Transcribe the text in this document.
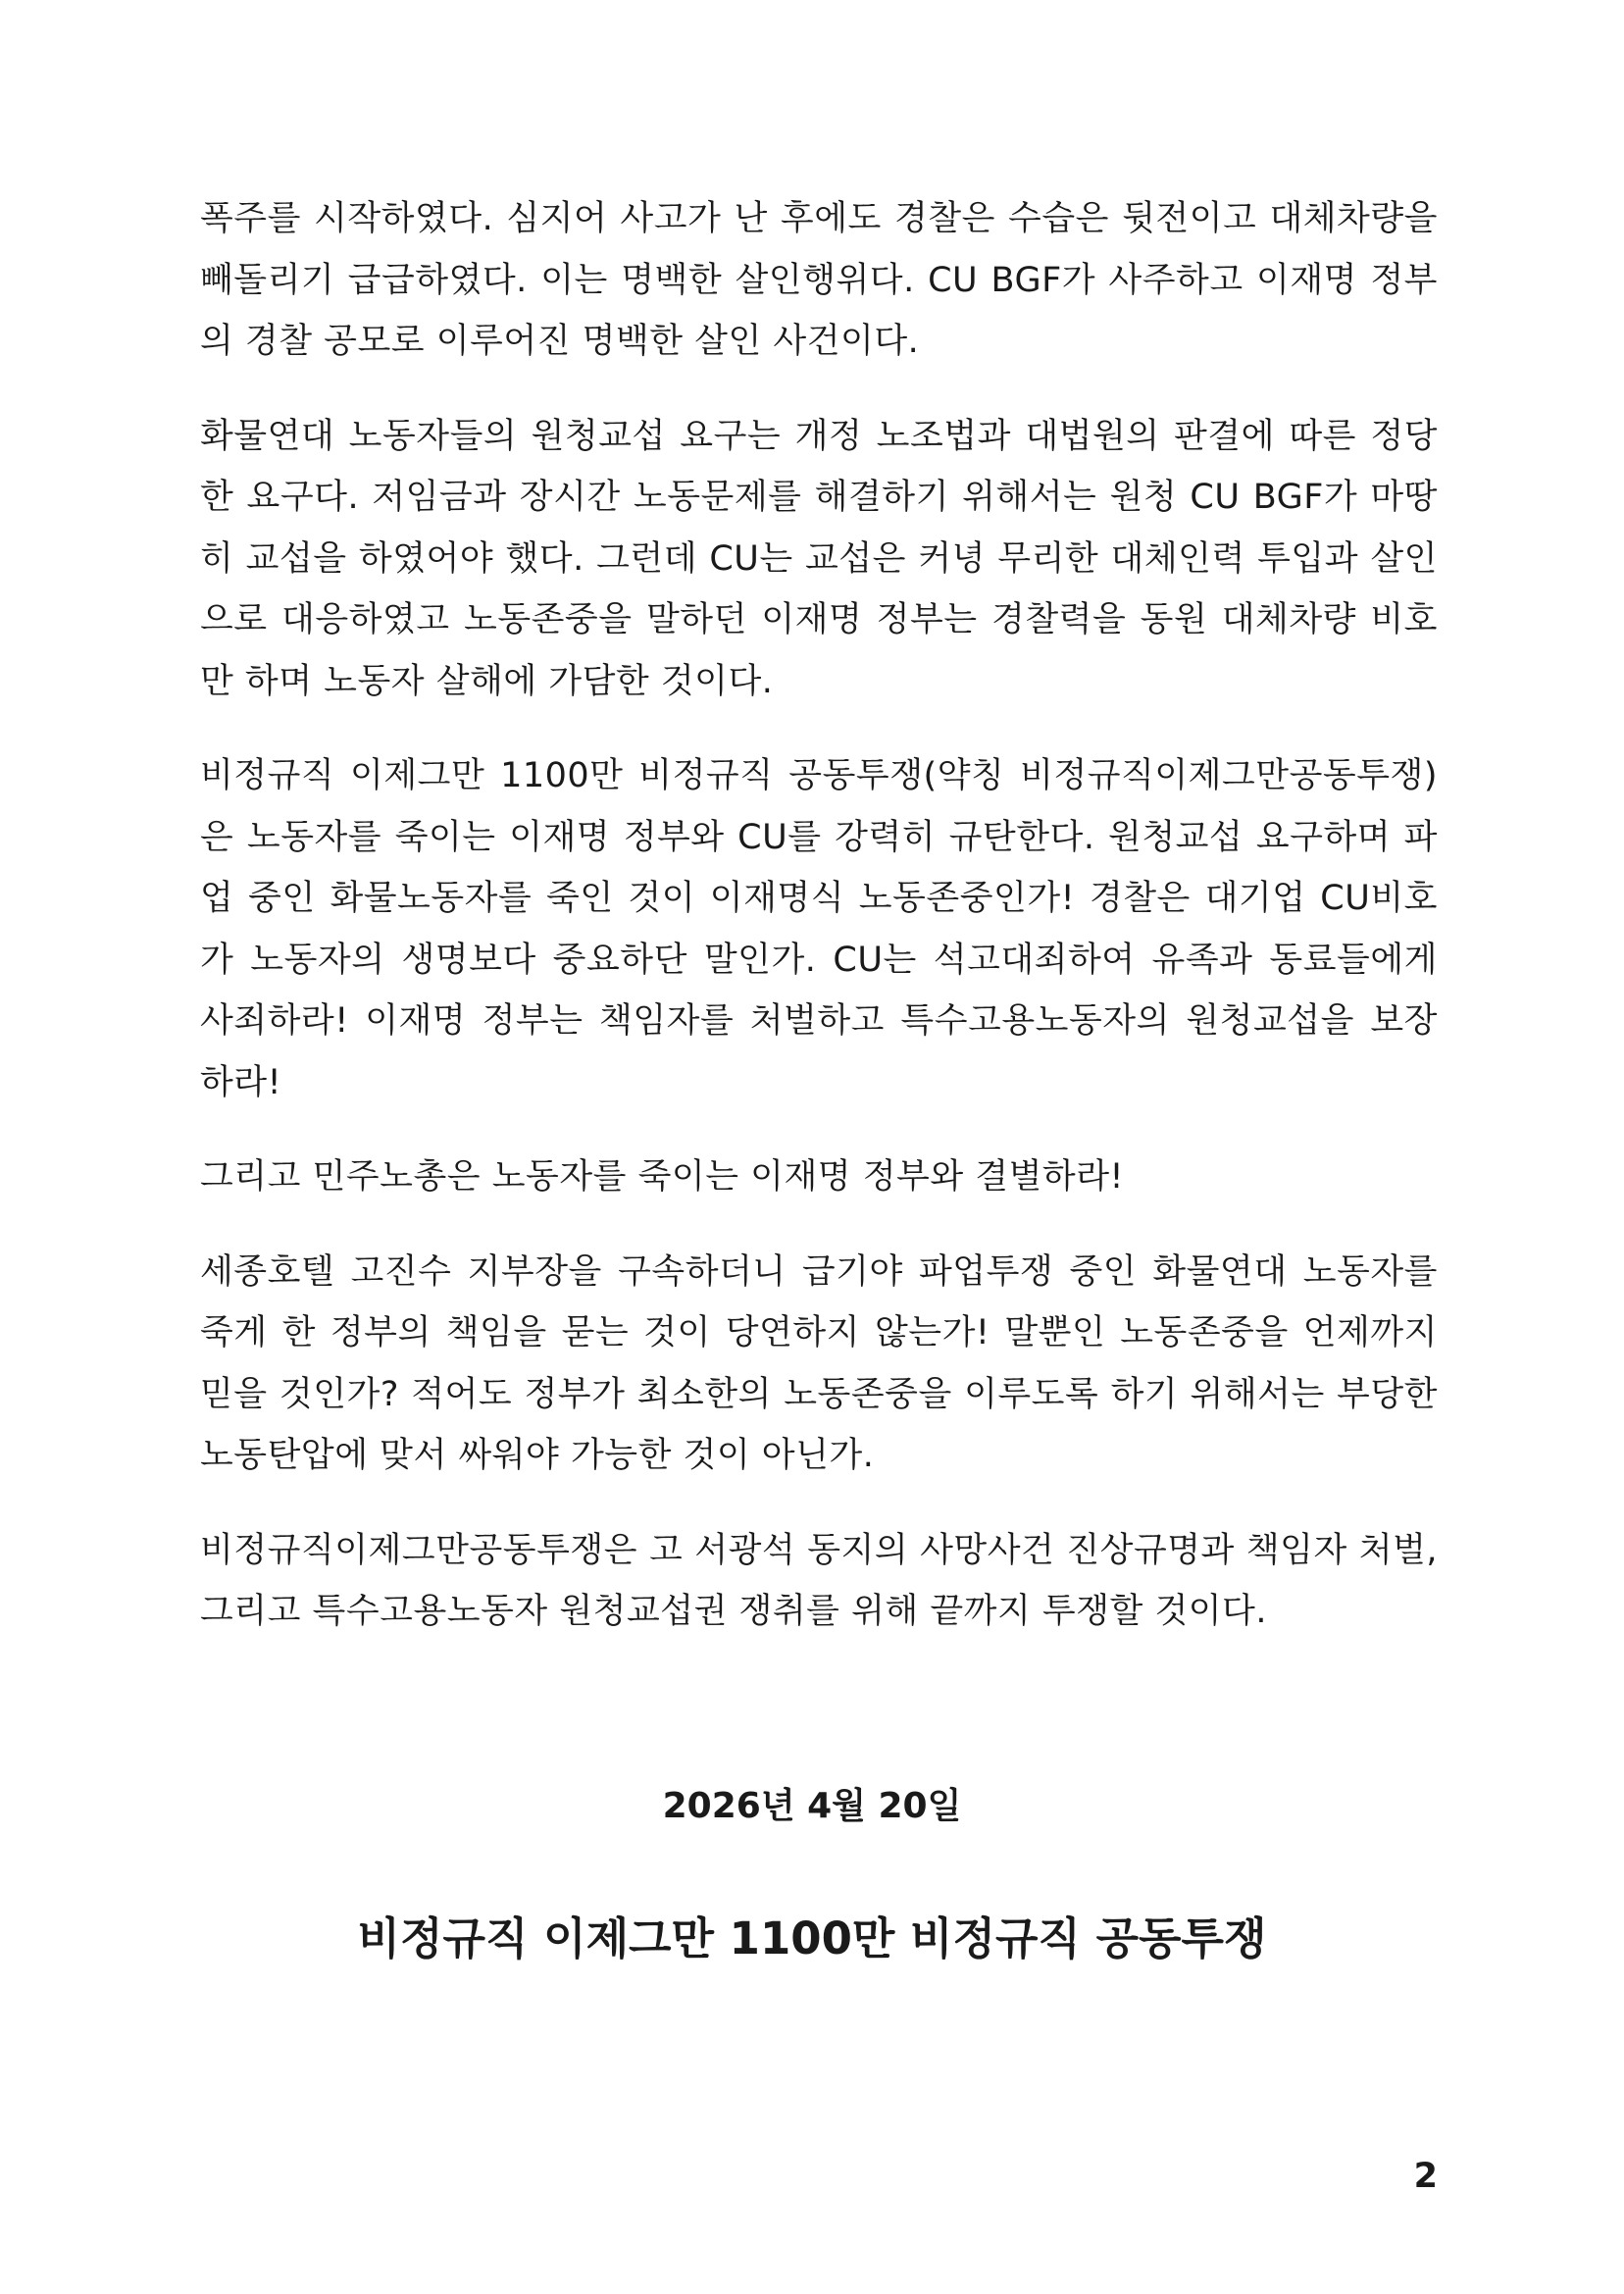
폭주를 시작하였다. 심지어 사고가 난 후에도 경찰은 수습은 뒷전이고 대체차량을 빼돌리기 급급하였다. 이는 명백한 살인행위다. CU BGF가 사주하고 이재명 정부의 경찰 공모로 이루어진 명백한 살인 사건이다.

화물연대 노동자들의 원청교섭 요구는 개정 노조법과 대법원의 판결에 따른 정당한 요구다. 저임금과 장시간 노동문제를 해결하기 위해서는 원청 CU BGF가 마땅히 교섭을 하였어야 했다. 그런데 CU는 교섭은 커녕 무리한 대체인력 투입과 살인으로 대응하였고 노동존중을 말하던 이재명 정부는 경찰력을 동원 대체차량 비호만 하며 노동자 살해에 가담한 것이다.

비정규직 이제그만 1100만 비정규직 공동투쟁(약칭 비정규직이제그만공동투쟁)은 노동자를 죽이는 이재명 정부와 CU를 강력히 규탄한다. 원청교섭 요구하며 파업 중인 화물노동자를 죽인 것이 이재명식 노동존중인가! 경찰은 대기업 CU비호가 노동자의 생명보다 중요하단 말인가. CU는 석고대죄하여 유족과 동료들에게 사죄하라! 이재명 정부는 책임자를 처벌하고 특수고용노동자의 원청교섭을 보장하라!

그리고 민주노총은 노동자를 죽이는 이재명 정부와 결별하라!

세종호텔 고진수 지부장을 구속하더니 급기야 파업투쟁 중인 화물연대 노동자를 죽게 한 정부의 책임을 묻는 것이 당연하지 않는가! 말뿐인 노동존중을 언제까지 믿을 것인가? 적어도 정부가 최소한의 노동존중을 이루도록 하기 위해서는 부당한 노동탄압에 맞서 싸워야 가능한 것이 아닌가.

비정규직이제그만공동투쟁은 고 서광석 동지의 사망사건 진상규명과 책임자 처벌, 그리고 특수고용노동자 원청교섭권 쟁취를 위해 끝까지 투쟁할 것이다.

2026년 4월 20일
비정규직 이제그만 1100만 비정규직 공동투쟁
2
